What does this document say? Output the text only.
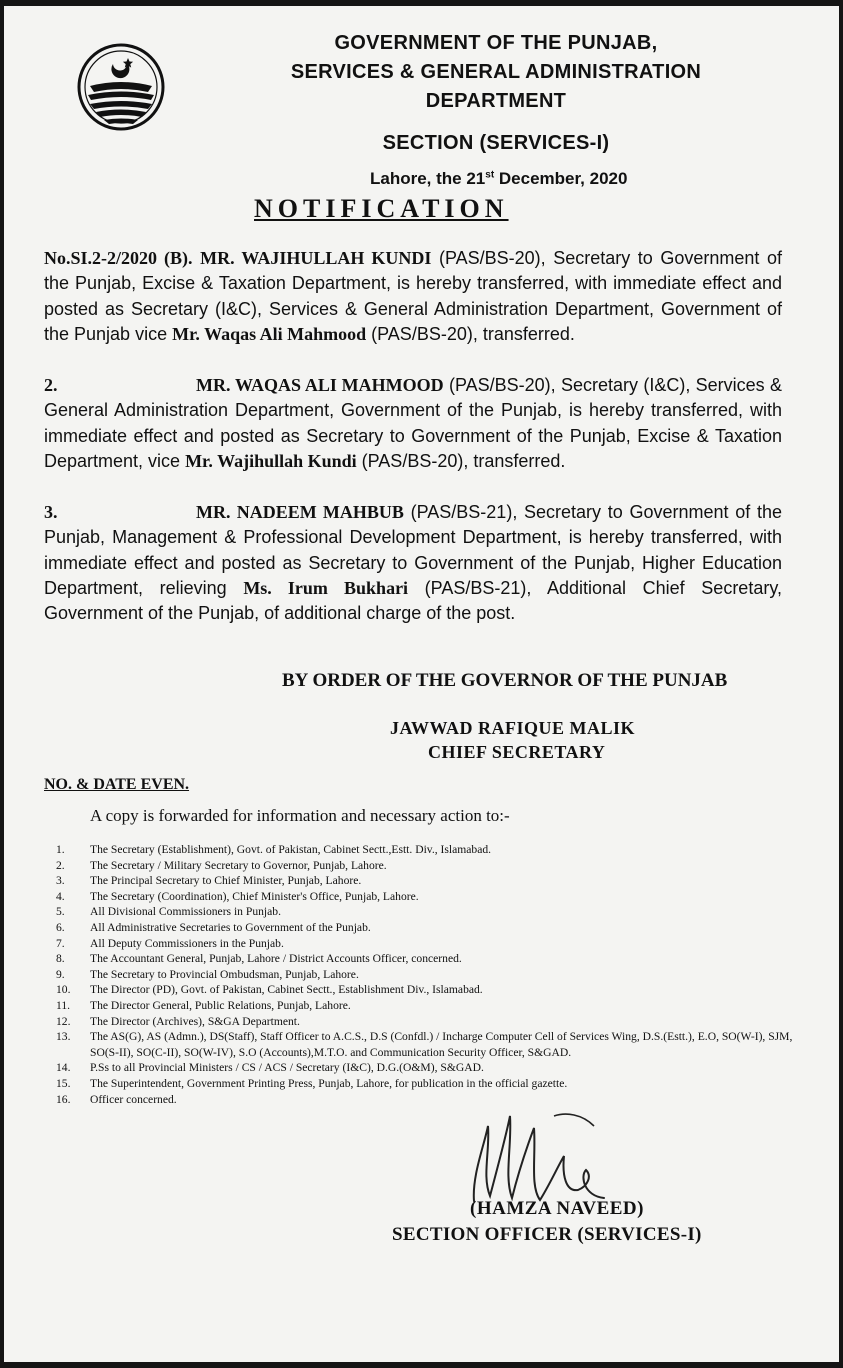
GOVERNMENT OF THE PUNJAB,
SERVICES & GENERAL ADMINISTRATION
DEPARTMENT
SECTION (SERVICES-I)
Lahore, the 21st December, 2020
NOTIFICATION
No.SI.2-2/2020 (B). MR. WAJIHULLAH KUNDI (PAS/BS-20), Secretary to Government of the Punjab, Excise & Taxation Department, is hereby transferred, with immediate effect and posted as Secretary (I&C), Services & General Administration Department, Government of the Punjab vice Mr. Waqas Ali Mahmood (PAS/BS-20), transferred.
2.	MR. WAQAS ALI MAHMOOD (PAS/BS-20), Secretary (I&C), Services & General Administration Department, Government of the Punjab, is hereby transferred, with immediate effect and posted as Secretary to Government of the Punjab, Excise & Taxation Department, vice Mr. Wajihullah Kundi (PAS/BS-20), transferred.
3.	MR. NADEEM MAHBUB (PAS/BS-21), Secretary to Government of the Punjab, Management & Professional Development Department, is hereby transferred, with immediate effect and posted as Secretary to Government of the Punjab, Higher Education Department, relieving Ms. Irum Bukhari (PAS/BS-21), Additional Chief Secretary, Government of the Punjab, of additional charge of the post.
BY ORDER OF THE GOVERNOR OF THE PUNJAB
JAWWAD RAFIQUE MALIK
CHIEF SECRETARY
NO. & DATE EVEN.
A copy is forwarded for information and necessary action to:-
1. The Secretary (Establishment), Govt. of Pakistan, Cabinet Sectt.,Estt. Div., Islamabad.
2. The Secretary / Military Secretary to Governor, Punjab, Lahore.
3. The Principal Secretary to Chief Minister, Punjab, Lahore.
4. The Secretary (Coordination), Chief Minister's Office, Punjab, Lahore.
5. All Divisional Commissioners in Punjab.
6. All Administrative Secretaries to Government of the Punjab.
7. All Deputy Commissioners in the Punjab.
8. The Accountant General, Punjab, Lahore / District Accounts Officer, concerned.
9. The Secretary to Provincial Ombudsman, Punjab, Lahore.
10. The Director (PD), Govt. of Pakistan, Cabinet Sectt., Establishment Div., Islamabad.
11. The Director General, Public Relations, Punjab, Lahore.
12. The Director (Archives), S&GA Department.
13. The AS(G), AS (Admn.), DS(Staff), Staff Officer to A.C.S., D.S (Confdl.) / Incharge Computer Cell of Services Wing, D.S.(Estt.), E.O, SO(W-I), SJM, SO(S-II), SO(C-II), SO(W-IV), S.O (Accounts),M.T.O. and Communication Security Officer, S&GAD.
14. P.Ss to all Provincial Ministers / CS / ACS / Secretary (I&C), D.G.(O&M), S&GAD.
15. The Superintendent, Government Printing Press, Punjab, Lahore, for publication in the official gazette.
16. Officer concerned.
(HAMZA NAVEED)
SECTION OFFICER (SERVICES-I)
